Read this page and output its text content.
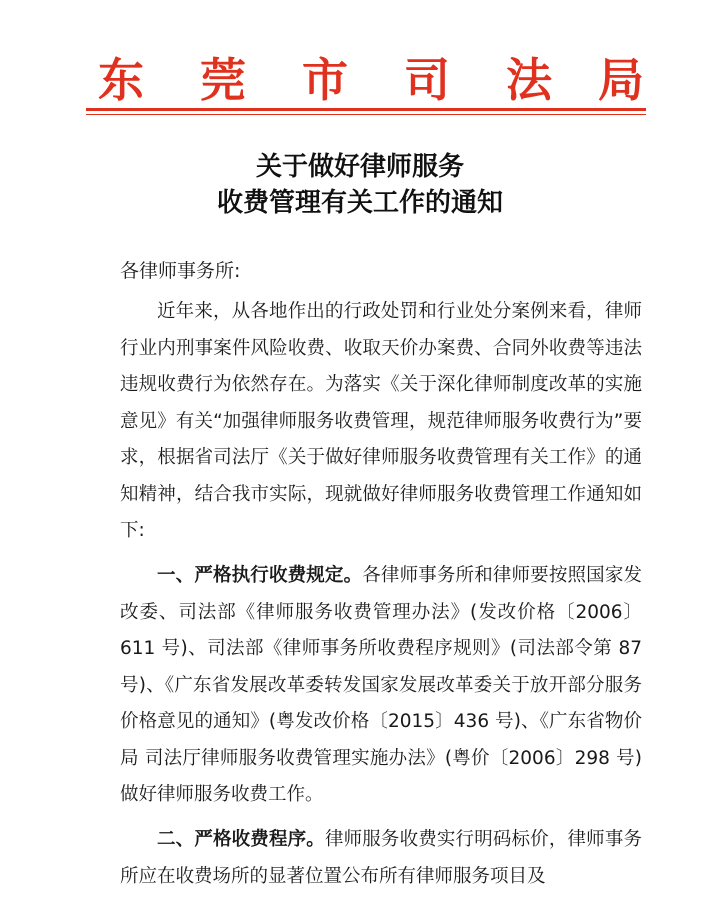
东 莞 市 司 法 局
关于做好律师服务
收费管理有关工作的通知
各律师事务所:
近年来，从各地作出的行政处罚和行业处分案例来看，律师行业内刑事案件风险收费、收取天价办案费、合同外收费等违法违规收费行为依然存在。为落实《关于深化律师制度改革的实施意见》有关“加强律师服务收费管理，规范律师服务收费行为”要求，根据省司法厅《关于做好律师服务收费管理有关工作》的通知精神，结合我市实际，现就做好律师服务收费管理工作通知如下:
一、严格执行收费规定。各律师事务所和律师要按照国家发改委、司法部《律师服务收费管理办法》(发改价格〔2006〕611 号)、司法部《律师事务所收费程序规则》(司法部令第 87 号)、《广东省发展改革委转发国家发展改革委关于放开部分服务价格意见的通知》(粤发改价格〔2015〕436 号)、《广东省物价局 司法厅律师服务收费管理实施办法》(粤价〔2006〕298 号) 做好律师服务收费工作。
二、严格收费程序。律师服务收费实行明码标价，律师事务所应在收费场所的显著位置公布所有律师服务项目及
